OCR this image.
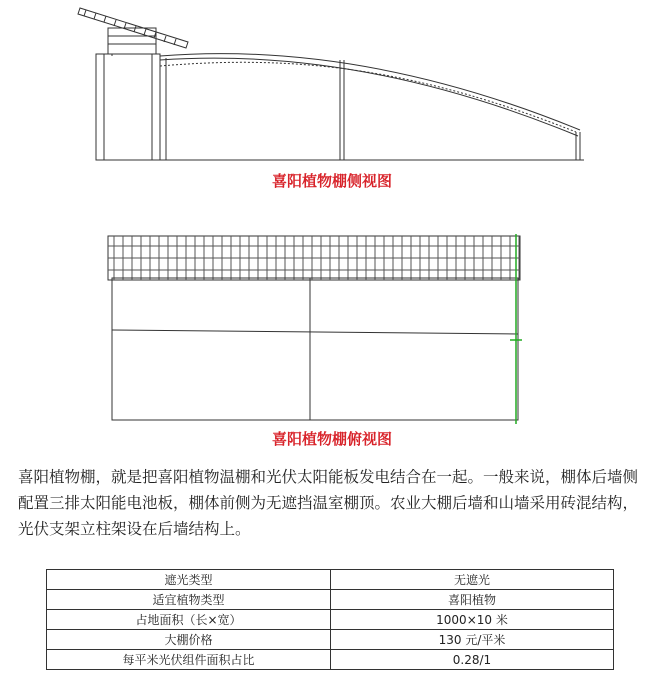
喜阳植物棚侧视图
喜阳植物棚俯视图
喜阳植物棚，就是把喜阳植物温棚和光伏太阳能板发电结合在一起。一般来说，棚体后墙侧配置三排太阳能电池板，棚体前侧为无遮挡温室棚顶。农业大棚后墙和山墙采用砖混结构，光伏支架立柱架设在后墙结构上。
遮光类型	无遮光
适宜植物类型	喜阳植物
占地面积（长×宽）	1000×10 米
大棚价格	130 元/平米
每平米光伏组件面积占比	0.28/1
